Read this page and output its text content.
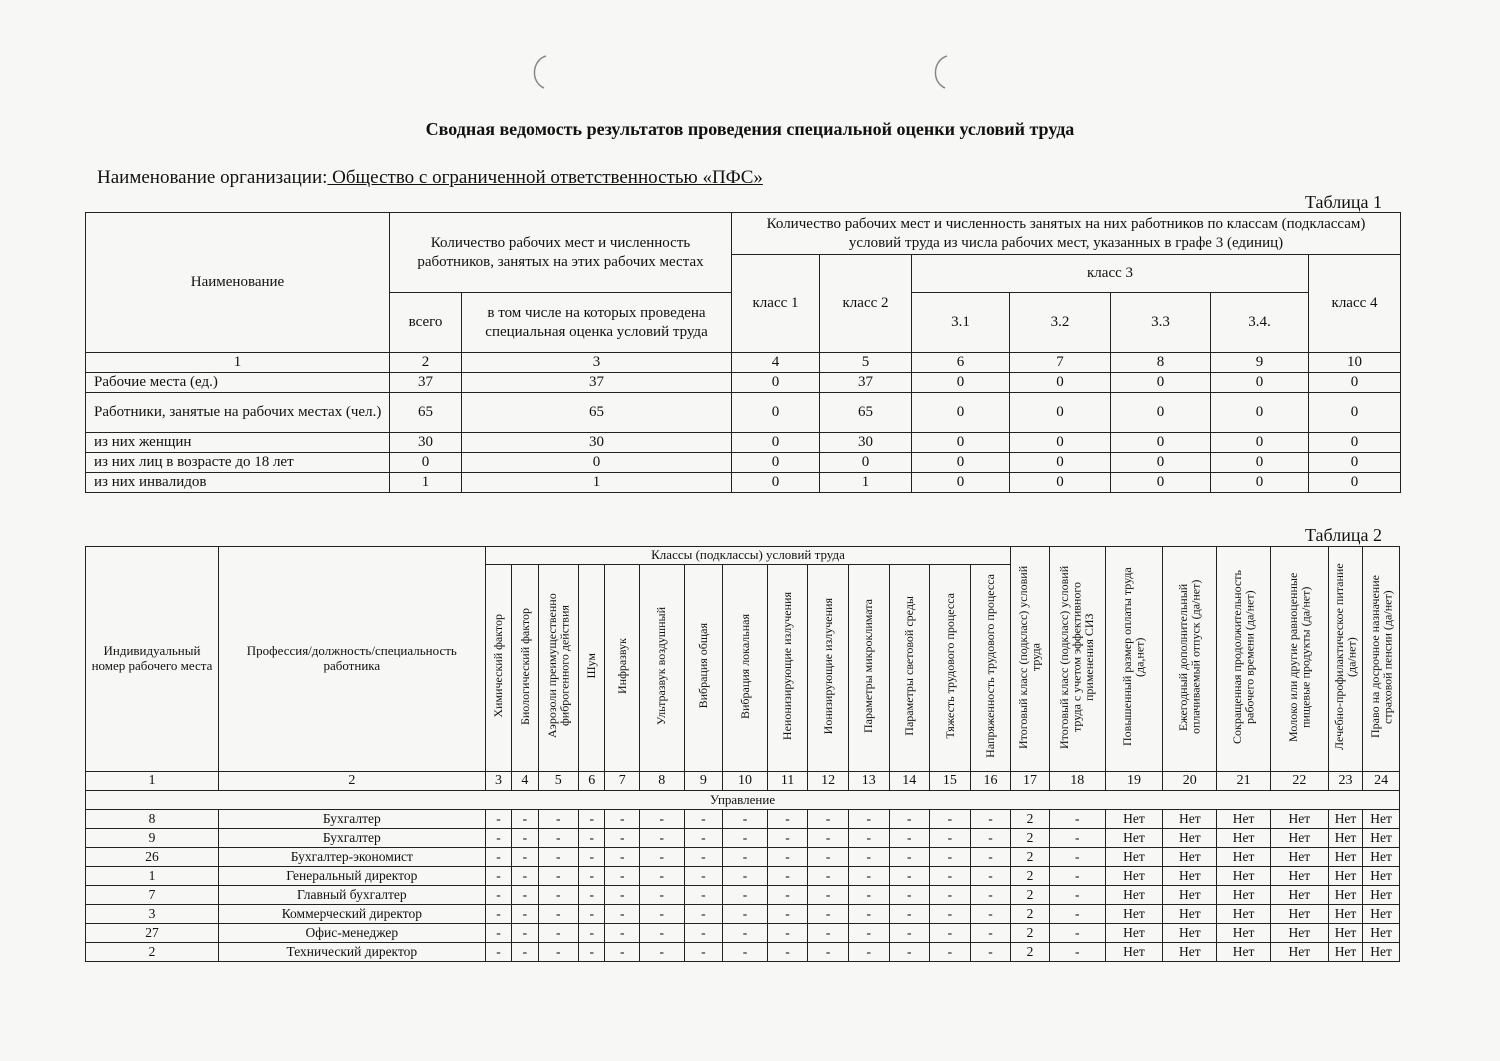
Сводная ведомость результатов проведения специальной оценки условий труда
Наименование организации: Общество с ограниченной ответственностью «ПФС»
Таблица 1
Наименование	Количество рабочих мест и численность работников, занятых на этих рабочих местах		Количество рабочих мест и численность занятых на них работников по классам (подклассам) условий труда из числа рабочих мест, указанных в графе 3 (единиц)						
			класс 1	класс 2	класс 3				класс 4
	всего	в том числе на которых проведена специальная оценка условий труда			3.1	3.2	3.3	3.4.	
1	2	3	4	5	6	7	8	9	10
Рабочие места (ед.)	37	37	0	37	0	0	0	0	0
Работники, занятые на рабочих местах (чел.)	65	65	0	65	0	0	0	0	0
из них женщин	30	30	0	30	0	0	0	0	0
из них лиц в возрасте до 18 лет	0	0	0	0	0	0	0	0	0
из них инвалидов	1	1	0	1	0	0	0	0	0
Таблица 2
Индивидуальный номер рабочего места	Профессия/должность/специальность работника	Классы (подклассы) условий труда														Итоговый класс (подкласс) условий труда	Итоговый класс (подкласс) условий труда с учетом эффективного применения СИЗ	Повышенный размер оплаты труда (да,нет)	Ежегодный дополнительный оплачиваемый отпуск (да/нет)	Сокращенная продолжительность рабочего времени (да/нет)	Молоко или другие равноценные пищевые продукты (да/нет)	Лечебно-профилактическое питание (да/нет)	Право на досрочное назначение страховой пенсии (да/нет)
		Химический фактор	Биологический фактор	Аэрозоли преимущественно фиброгенного действия	Шум	Инфразвук	Ультразвук воздушный	Вибрация общая	Вибрация локальная	Неионизирующие излучения	Ионизирующие излучения	Параметры микроклимата	Параметры световой среды	Тяжесть трудового процесса	Напряженность трудового процесса								
1	2	3	4	5	6	7	8	9	10	11	12	13	14	15	16	17	18	19	20	21	22	23	24
Управление																							
8	Бухгалтер	-	-	-	-	-	-	-	-	-	-	-	-	-	-	2	-	Нет	Нет	Нет	Нет	Нет	Нет
9	Бухгалтер	-	-	-	-	-	-	-	-	-	-	-	-	-	-	2	-	Нет	Нет	Нет	Нет	Нет	Нет
26	Бухгалтер-экономист	-	-	-	-	-	-	-	-	-	-	-	-	-	-	2	-	Нет	Нет	Нет	Нет	Нет	Нет
1	Генеральный директор	-	-	-	-	-	-	-	-	-	-	-	-	-	-	2	-	Нет	Нет	Нет	Нет	Нет	Нет
7	Главный бухгалтер	-	-	-	-	-	-	-	-	-	-	-	-	-	-	2	-	Нет	Нет	Нет	Нет	Нет	Нет
3	Коммерческий директор	-	-	-	-	-	-	-	-	-	-	-	-	-	-	2	-	Нет	Нет	Нет	Нет	Нет	Нет
27	Офис-менеджер	-	-	-	-	-	-	-	-	-	-	-	-	-	-	2	-	Нет	Нет	Нет	Нет	Нет	Нет
2	Технический директор	-	-	-	-	-	-	-	-	-	-	-	-	-	-	2	-	Нет	Нет	Нет	Нет	Нет	Нет
